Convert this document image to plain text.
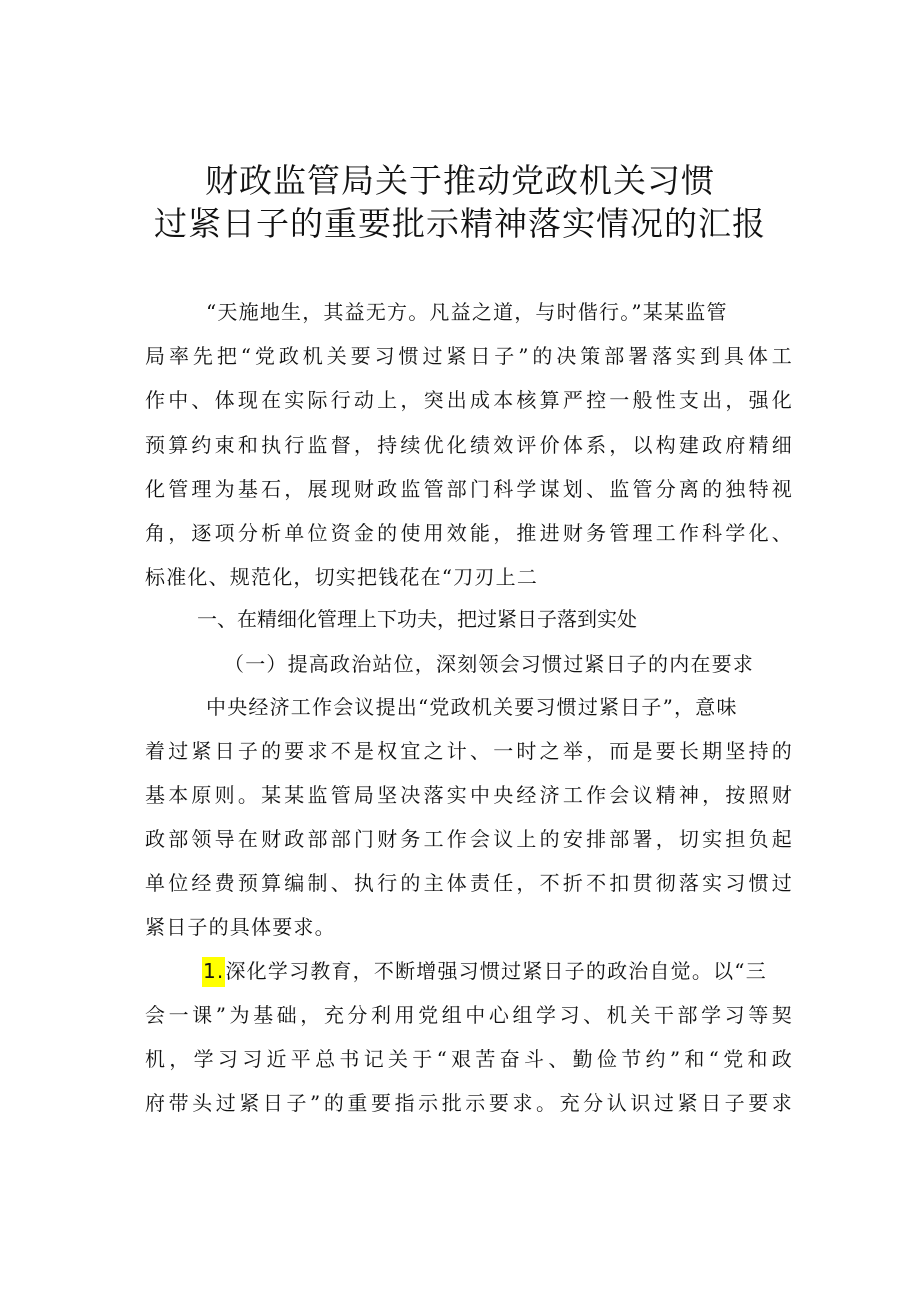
财政监管局关于推动党政机关习惯
过紧日子的重要批示精神落实情况的汇报
“天施地生，其益无方。凡益之道，与时偕行。”某某监管
局率先把“党政机关要习惯过紧日子”的决策部署落实到具体工
作中、体现在实际行动上，突出成本核算严控一般性支出，强化
预算约束和执行监督，持续优化绩效评价体系，以构建政府精细
化管理为基石，展现财政监管部门科学谋划、监管分离的独特视
角，逐项分析单位资金的使用效能，推进财务管理工作科学化、
标准化、规范化，切实把钱花在“刀刃上二
一、在精细化管理上下功夫，把过紧日子落到实处
（一）提高政治站位，深刻领会习惯过紧日子的内在要求
中央经济工作会议提出“党政机关要习惯过紧日子”，意味
着过紧日子的要求不是权宜之计、一时之举，而是要长期坚持的
基本原则。某某监管局坚决落实中央经济工作会议精神，按照财
政部领导在财政部部门财务工作会议上的安排部署，切实担负起
单位经费预算编制、执行的主体责任，不折不扣贯彻落实习惯过
紧日子的具体要求。
1.深化学习教育，不断增强习惯过紧日子的政治自觉。以“三
会一课”为基础，充分利用党组中心组学习、机关干部学习等契
机，学习习近平总书记关于“艰苦奋斗、勤俭节约”和“党和政
府带头过紧日子”的重要指示批示要求。充分认识过紧日子要求
